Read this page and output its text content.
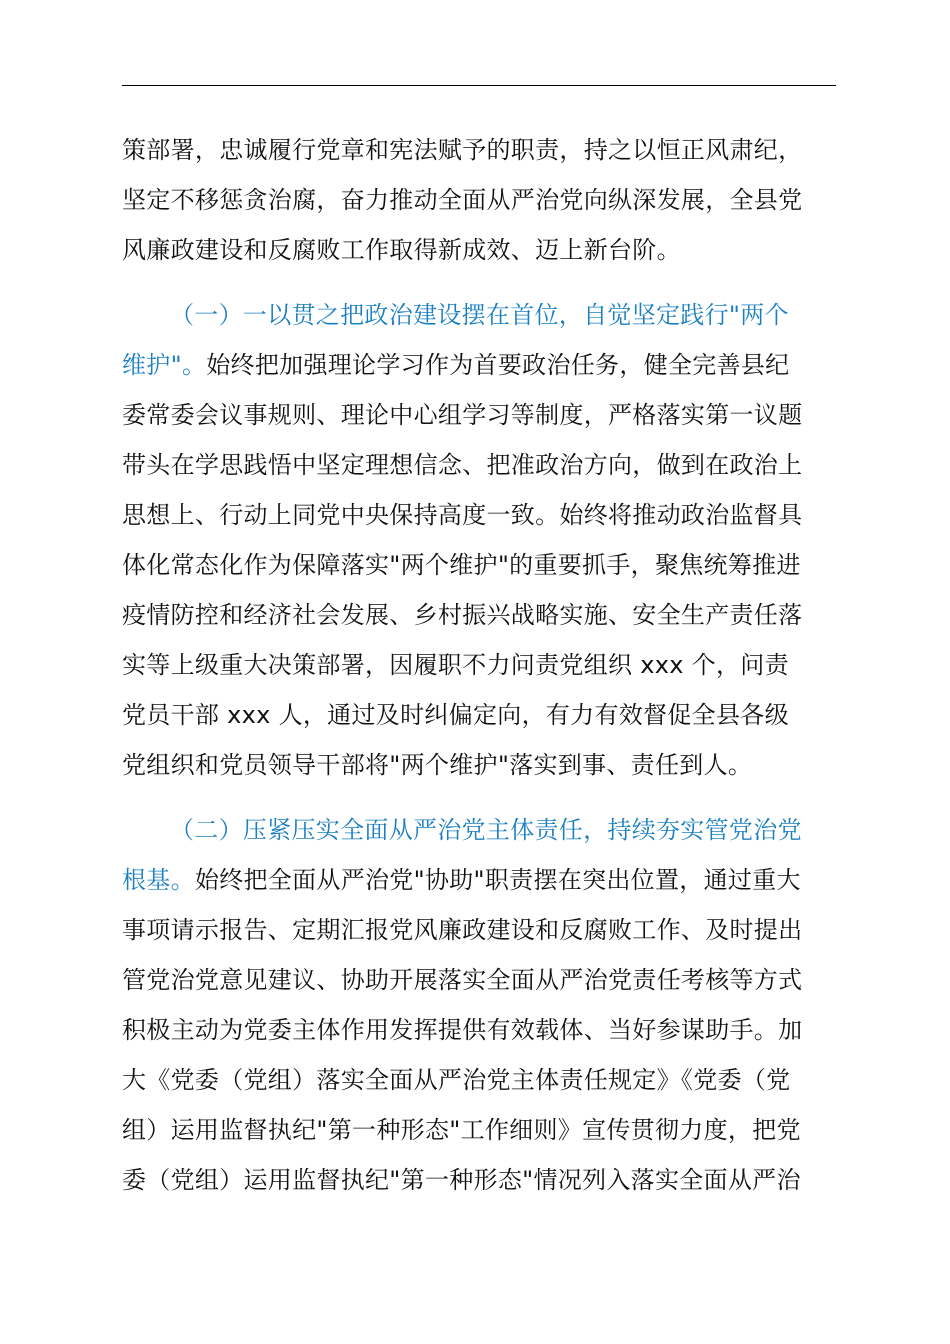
策部署，忠诚履行党章和宪法赋予的职责，持之以恒正风肃纪，
坚定不移惩贪治腐，奋力推动全面从严治党向纵深发展，全县党
风廉政建设和反腐败工作取得新成效、迈上新台阶。
（一）一以贯之把政治建设摆在首位，自觉坚定践行"两个
维护"。始终把加强理论学习作为首要政治任务，健全完善县纪
委常委会议事规则、理论中心组学习等制度，严格落实第一议题
带头在学思践悟中坚定理想信念、把准政治方向，做到在政治上
思想上、行动上同党中央保持高度一致。始终将推动政治监督具
体化常态化作为保障落实"两个维护"的重要抓手，聚焦统筹推进
疫情防控和经济社会发展、乡村振兴战略实施、安全生产责任落
实等上级重大决策部署，因履职不力问责党组织 xxx 个，问责
党员干部 xxx 人，通过及时纠偏定向，有力有效督促全县各级
党组织和党员领导干部将"两个维护"落实到事、责任到人。
（二）压紧压实全面从严治党主体责任，持续夯实管党治党
根基。始终把全面从严治党"协助"职责摆在突出位置，通过重大
事项请示报告、定期汇报党风廉政建设和反腐败工作、及时提出
管党治党意见建议、协助开展落实全面从严治党责任考核等方式
积极主动为党委主体作用发挥提供有效载体、当好参谋助手。加
大《党委（党组）落实全面从严治党主体责任规定》《党委（党
组）运用监督执纪"第一种形态"工作细则》宣传贯彻力度，把党
委（党组）运用监督执纪"第一种形态"情况列入落实全面从严治
